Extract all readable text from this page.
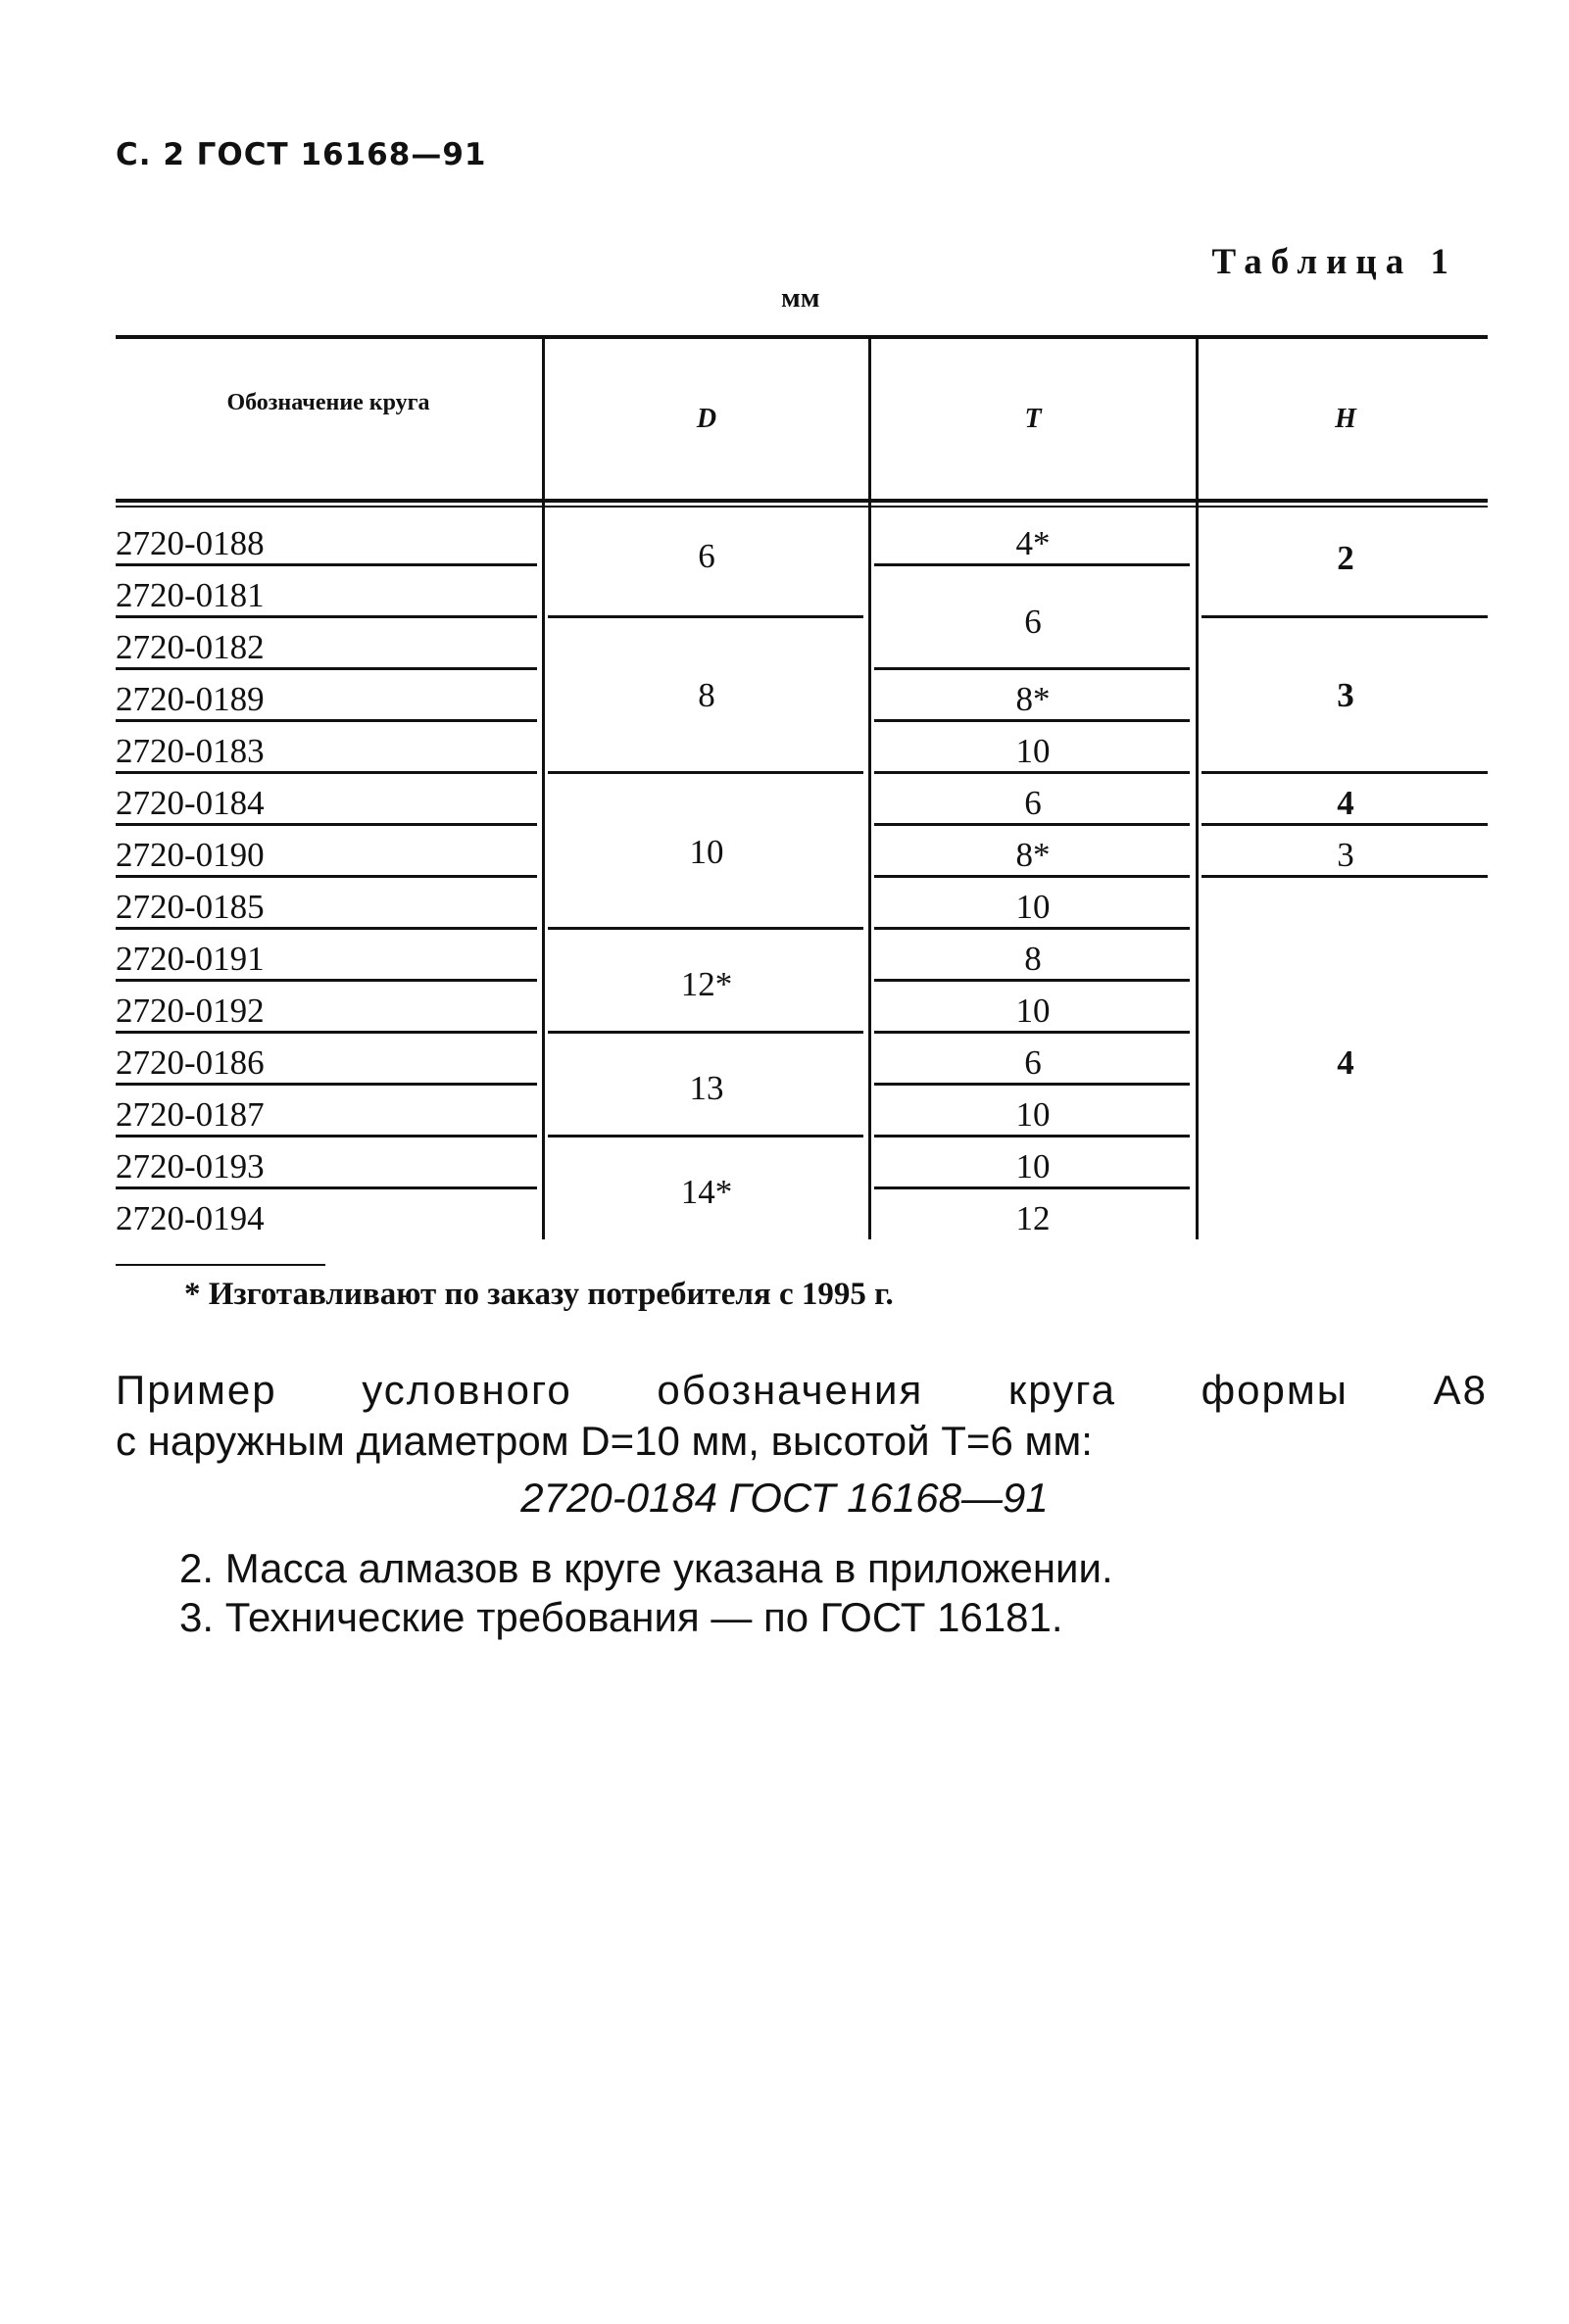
С. 2 ГОСТ 16168—91
Таблица 1
мм
Обозначение круга
D	T	H
2720-0188
2720-0181
2720-0182
2720-0189
2720-0183
2720-0184
2720-0190
2720-0185
2720-0191
2720-0192
2720-0186
2720-0187
2720-0193
2720-0194
6
8
10
12*
13
14*
4*
6
8*
10
6
8*
10
8
10
6
10
10
12
2
3
4
3
4
* Изготавливают по заказу потребителя с 1995 г.
Пример условного обозначения круга формы А8
с наружным диаметром D=10 мм, высотой T=6 мм:
2720-0184 ГОСТ 16168—91
2. Масса алмазов в круге указана в приложении.
3. Технические требования — по ГОСТ 16181.
